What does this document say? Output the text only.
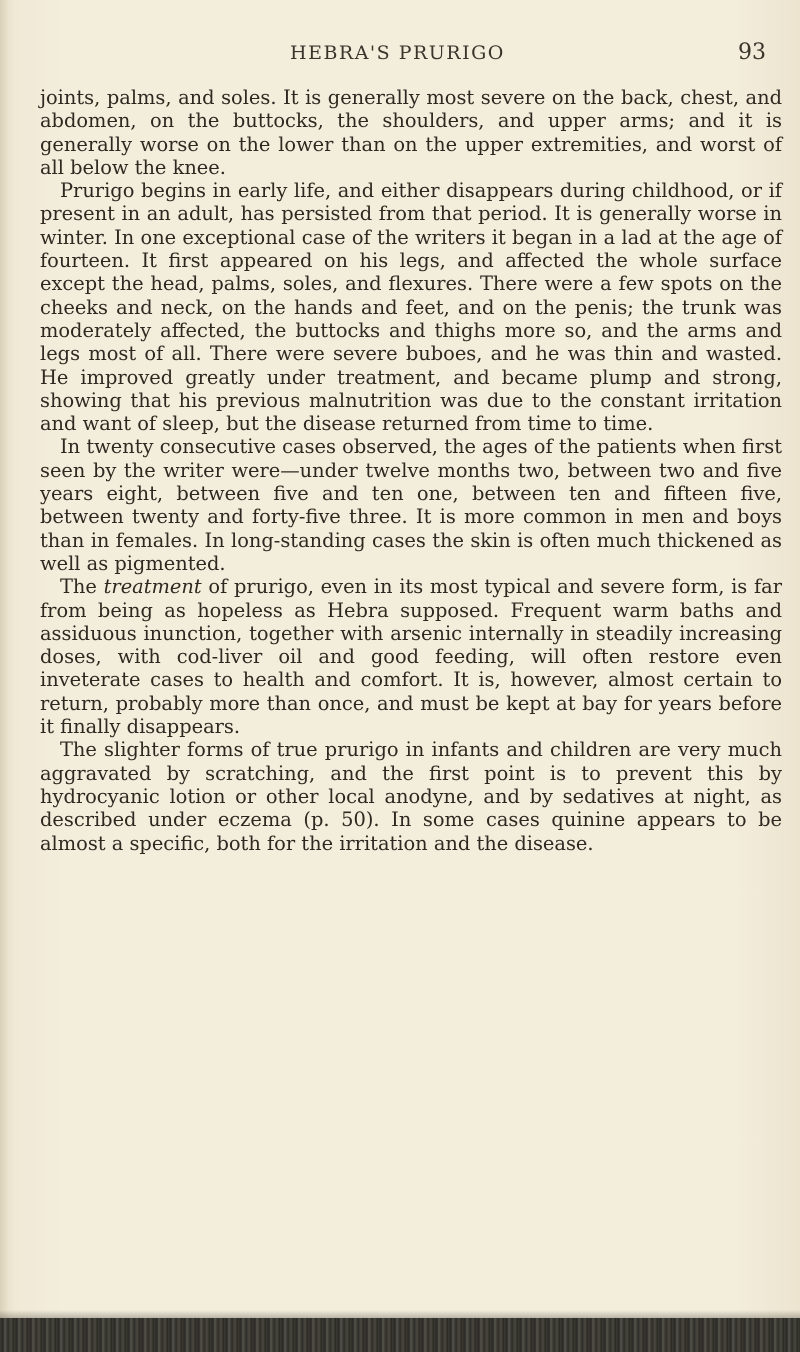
HEBRA'S PRURIGO	93

joints, palms, and soles. It is generally most severe on the back, chest, and abdomen, on the buttocks, the shoulders, and upper arms; and it is generally worse on the lower than on the upper extremities, and worst of all below the knee.

Prurigo begins in early life, and either disappears during childhood, or if present in an adult, has persisted from that period. It is generally worse in winter. In one exceptional case of the writers it began in a lad at the age of fourteen. It first appeared on his legs, and affected the whole surface except the head, palms, soles, and flexures. There were a few spots on the cheeks and neck, on the hands and feet, and on the penis; the trunk was moderately affected, the buttocks and thighs more so, and the arms and legs most of all. There were severe buboes, and he was thin and wasted. He improved greatly under treatment, and became plump and strong, showing that his previous malnutrition was due to the constant irritation and want of sleep, but the disease returned from time to time.

In twenty consecutive cases observed, the ages of the patients when first seen by the writer were—under twelve months two, between two and five years eight, between five and ten one, between ten and fifteen five, between twenty and forty-five three. It is more common in men and boys than in females. In long-standing cases the skin is often much thickened as well as pigmented.

The treatment of prurigo, even in its most typical and severe form, is far from being as hopeless as Hebra supposed. Frequent warm baths and assiduous inunction, together with arsenic internally in steadily increasing doses, with cod-liver oil and good feeding, will often restore even inveterate cases to health and comfort. It is, however, almost certain to return, probably more than once, and must be kept at bay for years before it finally disappears.

The slighter forms of true prurigo in infants and children are very much aggravated by scratching, and the first point is to prevent this by hydrocyanic lotion or other local anodyne, and by sedatives at night, as described under eczema (p. 50). In some cases quinine appears to be almost a specific, both for the irritation and the disease.
